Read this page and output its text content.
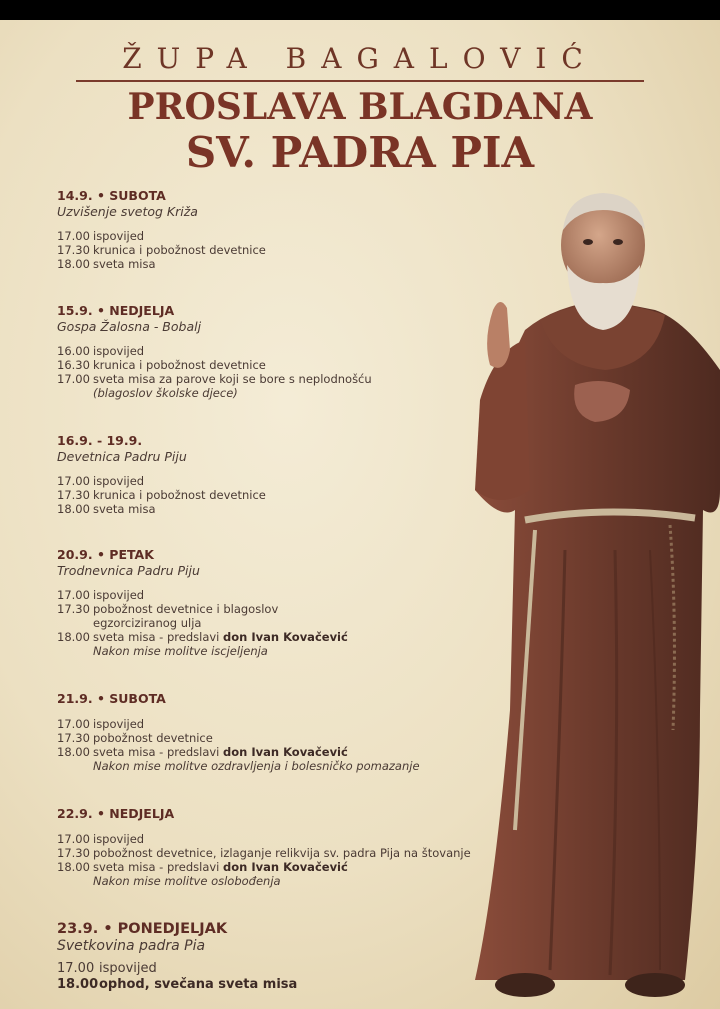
ŽUPA BAGALOVIĆ
PROSLAVA BLAGDANA
SV. PADRA PIA
14.9. • SUBOTA
Uzvišenje svetog Križa
17.00 ispovijed
17.30 krunica i pobožnost devetnice
18.00 sveta misa
15.9. • NEDJELJA
Gospa Žalosna - Bobalj
16.00 ispovijed
16.30 krunica i pobožnost devetnice
17.00 sveta misa za parove koji se bore s neplodnošću
(blagoslov školske djece)
16.9. - 19.9.
Devetnica Padru Piju
17.00 ispovijed
17.30 krunica i pobožnost devetnice
18.00 sveta misa
20.9. • PETAK
Trodnevnica Padru Piju
17.00 ispovijed
17.30 pobožnost devetnice i blagoslov
egzorciziranog ulja
18.00 sveta misa - predslavi don Ivan Kovačević
Nakon mise molitve iscjeljenja
21.9. • SUBOTA
17.00 ispovijed
17.30 pobožnost devetnice
18.00 sveta misa - predslavi don Ivan Kovačević
Nakon mise molitve ozdravljenja i bolesničko pomazanje
22.9. • NEDJELJA
17.00 ispovijed
17.30 pobožnost devetnice, izlaganje relikvija sv. padra Pija na štovanje
18.00 sveta misa - predslavi don Ivan Kovačević
Nakon mise molitve oslobođenja
23.9. • PONEDJELJAK
Svetkovina padra Pia
17.00 ispovijed
18.00 ophod, svečana sveta misa
